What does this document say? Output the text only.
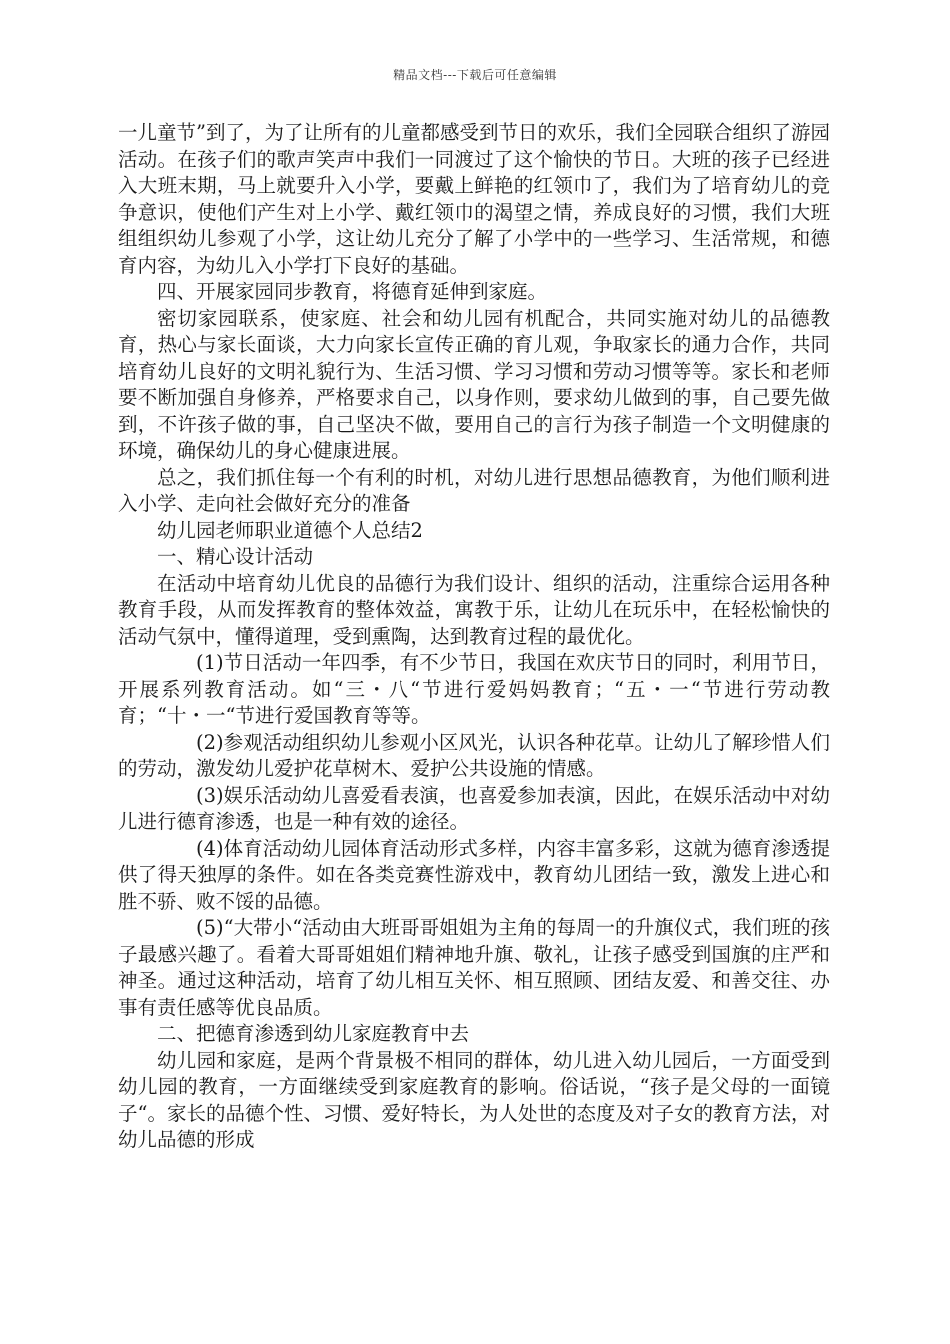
精品文档---下载后可任意编辑

一儿童节”到了，为了让所有的儿童都感受到节日的欢乐，我们全园联合组织了游园活动。在孩子们的歌声笑声中我们一同渡过了这个愉快的节日。大班的孩子已经进入大班末期，马上就要升入小学，要戴上鲜艳的红领巾了，我们为了培育幼儿的竞争意识，使他们产生对上小学、戴红领巾的渴望之情，养成良好的习惯，我们大班组组织幼儿参观了小学，这让幼儿充分了解了小学中的一些学习、生活常规，和德育内容，为幼儿入小学打下良好的基础。

四、开展家园同步教育，将德育延伸到家庭。

密切家园联系，使家庭、社会和幼儿园有机配合，共同实施对幼儿的品德教育，热心与家长面谈，大力向家长宣传正确的育儿观，争取家长的通力合作，共同培育幼儿良好的文明礼貌行为、生活习惯、学习习惯和劳动习惯等等。家长和老师要不断加强自身修养，严格要求自己，以身作则，要求幼儿做到的事，自己要先做到，不许孩子做的事，自己坚决不做，要用自己的言行为孩子制造一个文明健康的环境，确保幼儿的身心健康进展。

总之，我们抓住每一个有利的时机，对幼儿进行思想品德教育，为他们顺利进入小学、走向社会做好充分的准备

幼儿园老师职业道德个人总结2

一、精心设计活动

在活动中培育幼儿优良的品德行为我们设计、组织的活动，注重综合运用各种教育手段，从而发挥教育的整体效益，寓教于乐，让幼儿在玩乐中，在轻松愉快的活动气氛中，懂得道理，受到熏陶，达到教育过程的最优化。

(1)节日活动一年四季，有不少节日，我国在欢庆节日的同时，利用节日，开展系列教育活动。如“三・八“节进行爱妈妈教育；“五・一“节进行劳动教育；“十・一“节进行爱国教育等等。

(2)参观活动组织幼儿参观小区风光，认识各种花草。让幼儿了解珍惜人们的劳动，激发幼儿爱护花草树木、爱护公共设施的情感。

(3)娱乐活动幼儿喜爱看表演，也喜爱参加表演，因此，在娱乐活动中对幼儿进行德育渗透，也是一种有效的途径。

(4)体育活动幼儿园体育活动形式多样，内容丰富多彩，这就为德育渗透提供了得天独厚的条件。如在各类竞赛性游戏中，教育幼儿团结一致，激发上进心和胜不骄、败不馁的品德。

(5)“大带小“活动由大班哥哥姐姐为主角的每周一的升旗仪式，我们班的孩子最感兴趣了。看着大哥哥姐姐们精神地升旗、敬礼，让孩子感受到国旗的庄严和神圣。通过这种活动，培育了幼儿相互关怀、相互照顾、团结友爱、和善交往、办事有责任感等优良品质。

二、把德育渗透到幼儿家庭教育中去

幼儿园和家庭，是两个背景极不相同的群体，幼儿进入幼儿园后，一方面受到幼儿园的教育，一方面继续受到家庭教育的影响。俗话说，“孩子是父母的一面镜子“。家长的品德个性、习惯、爱好特长，为人处世的态度及对子女的教育方法，对幼儿品德的形成
